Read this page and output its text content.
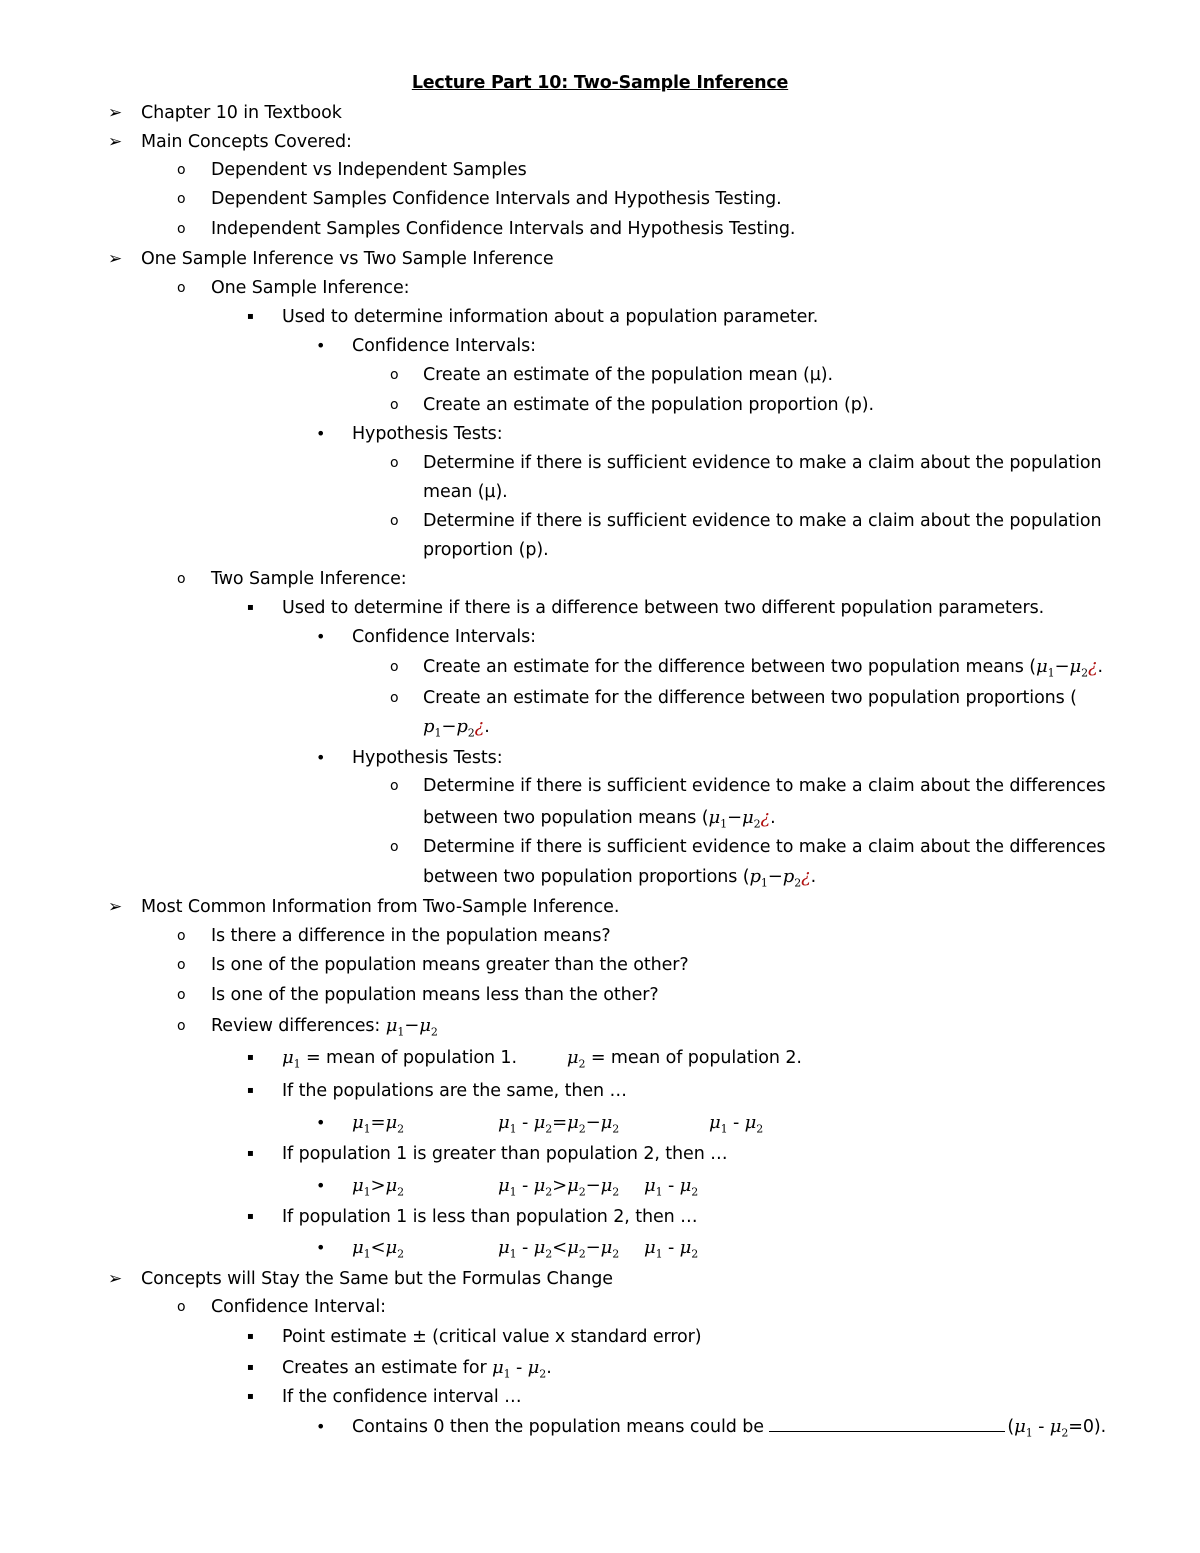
Lecture Part 10: Two-Sample Inference
➢ Chapter 10 in Textbook
➢ Main Concepts Covered:
o Dependent vs Independent Samples
o Dependent Samples Confidence Intervals and Hypothesis Testing.
o Independent Samples Confidence Intervals and Hypothesis Testing.
➢ One Sample Inference vs Two Sample Inference
o One Sample Inference:
▪ Used to determine information about a population parameter.
• Confidence Intervals:
o Create an estimate of the population mean (µ).
o Create an estimate of the population proportion (p).
• Hypothesis Tests:
o Determine if there is sufficient evidence to make a claim about the population
mean (µ).
o Determine if there is sufficient evidence to make a claim about the population
proportion (p).
o Two Sample Inference:
▪ Used to determine if there is a difference between two different population parameters.
• Confidence Intervals:
o Create an estimate for the difference between two population means ($\mu_1-\mu_2¿$.
o Create an estimate for the difference between two population proportions (
$p_1-p_2¿$.
• Hypothesis Tests:
o Determine if there is sufficient evidence to make a claim about the differences
between two population means ($\mu_1-\mu_2¿$.
o Determine if there is sufficient evidence to make a claim about the differences
between two population proportions ($p_1-p_2¿$.
➢ Most Common Information from Two-Sample Inference.
o Is there a difference in the population means?
o Is one of the population means greater than the other?
o Is one of the population means less than the other?
o Review differences: $\mu_1-\mu_2$
▪ $\mu_1$ = mean of population 1.	$\mu_2$ = mean of population 2.
▪ If the populations are the same, then …
• $\mu_1=\mu_2$	$\mu_1 - \mu_2=\mu_2-\mu_2$	$\mu_1 - \mu_2$
▪ If population 1 is greater than population 2, then …
• $\mu_1>\mu_2$	$\mu_1 - \mu_2>\mu_2-\mu_2$ $\mu_1 - \mu_2$
▪ If population 1 is less than population 2, then …
• $\mu_1<\mu_2$	$\mu_1 - \mu_2<\mu_2-\mu_2$ $\mu_1 - \mu_2$
➢ Concepts will Stay the Same but the Formulas Change
o Confidence Interval:
▪ Point estimate ± (critical value x standard error)
▪ Creates an estimate for $\mu_1 - \mu_2$.
▪ If the confidence interval …
• Contains 0 then the population means could be	$(\mu_1 - \mu_2=0)$.
